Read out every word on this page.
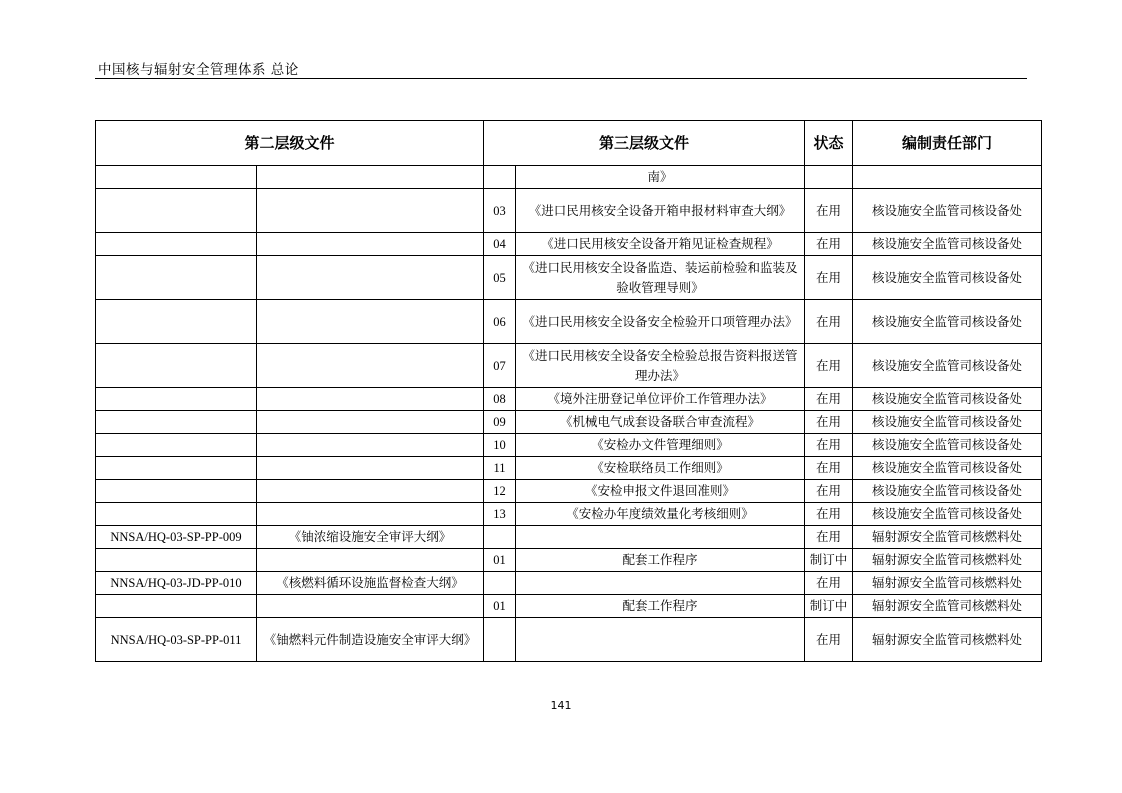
中国核与辐射安全管理体系 总论
第二层级文件		第三层级文件		状态	编制责任部门
			南》		
		03	《进口民用核安全设备开箱申报材料审查大纲》	在用	核设施安全监管司核设备处
		04	《进口民用核安全设备开箱见证检查规程》	在用	核设施安全监管司核设备处
		05	《进口民用核安全设备监造、装运前检验和监装及验收管理导则》	在用	核设施安全监管司核设备处
		06	《进口民用核安全设备安全检验开口项管理办法》	在用	核设施安全监管司核设备处
		07	《进口民用核安全设备安全检验总报告资料报送管理办法》	在用	核设施安全监管司核设备处
		08	《境外注册登记单位评价工作管理办法》	在用	核设施安全监管司核设备处
		09	《机械电气成套设备联合审查流程》	在用	核设施安全监管司核设备处
		10	《安检办文件管理细则》	在用	核设施安全监管司核设备处
		11	《安检联络员工作细则》	在用	核设施安全监管司核设备处
		12	《安检申报文件退回准则》	在用	核设施安全监管司核设备处
		13	《安检办年度绩效量化考核细则》	在用	核设施安全监管司核设备处
NNSA/HQ-03-SP-PP-009	《铀浓缩设施安全审评大纲》			在用	辐射源安全监管司核燃料处
		01	配套工作程序	制订中	辐射源安全监管司核燃料处
NNSA/HQ-03-JD-PP-010	《核燃料循环设施监督检查大纲》			在用	辐射源安全监管司核燃料处
		01	配套工作程序	制订中	辐射源安全监管司核燃料处
NNSA/HQ-03-SP-PP-011	《铀燃料元件制造设施安全审评大纲》			在用	辐射源安全监管司核燃料处
141
